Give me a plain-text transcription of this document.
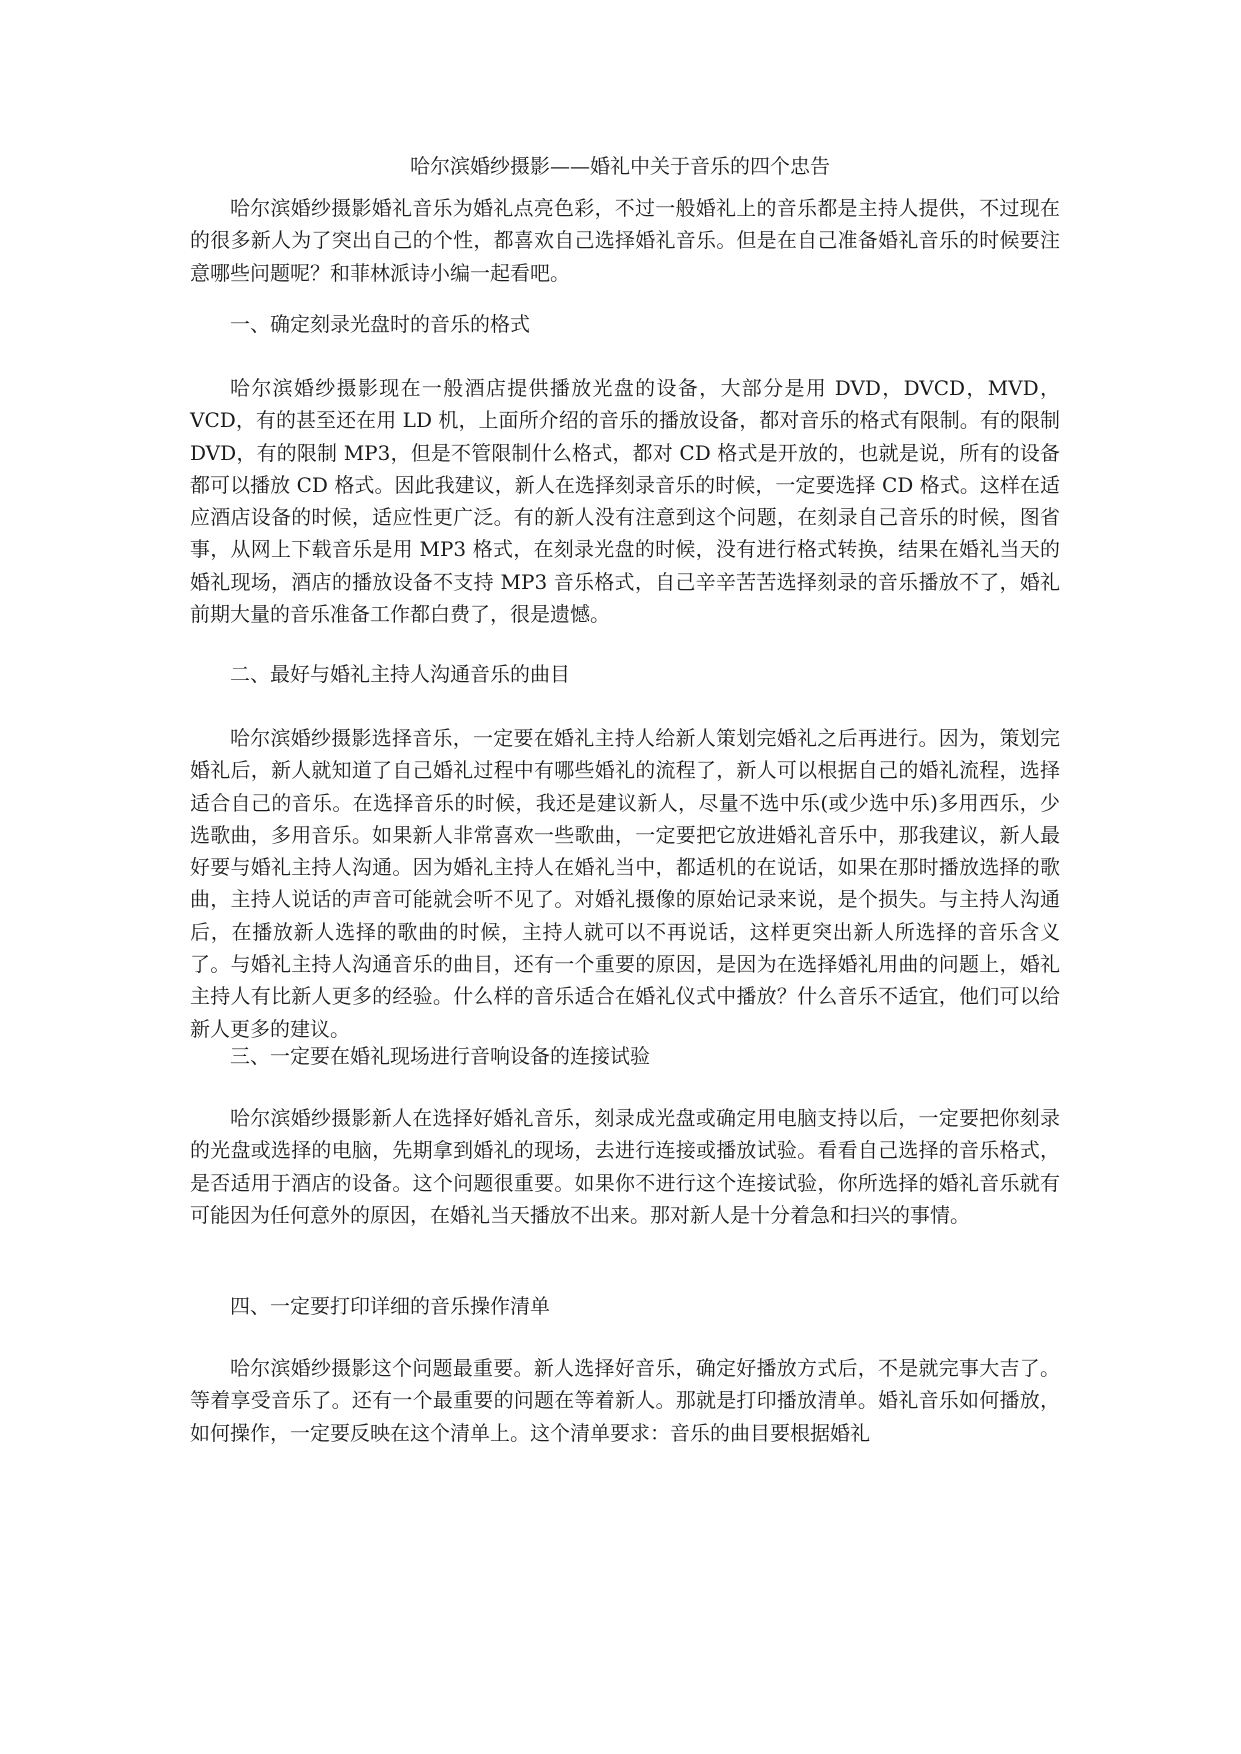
哈尔滨婚纱摄影——婚礼中关于音乐的四个忠告
哈尔滨婚纱摄影婚礼音乐为婚礼点亮色彩，不过一般婚礼上的音乐都是主持人提供，不过现在的很多新人为了突出自己的个性，都喜欢自己选择婚礼音乐。但是在自己准备婚礼音乐的时候要注意哪些问题呢？和菲林派诗小编一起看吧。
一、确定刻录光盘时的音乐的格式
哈尔滨婚纱摄影现在一般酒店提供播放光盘的设备，大部分是用 DVD，DVCD，MVD，VCD，有的甚至还在用 LD 机，上面所介绍的音乐的播放设备，都对音乐的格式有限制。有的限制 DVD，有的限制 MP3，但是不管限制什么格式，都对 CD 格式是开放的，也就是说，所有的设备都可以播放 CD 格式。因此我建议，新人在选择刻录音乐的时候，一定要选择 CD 格式。这样在适应酒店设备的时候，适应性更广泛。有的新人没有注意到这个问题，在刻录自己音乐的时候，图省事，从网上下载音乐是用 MP3 格式，在刻录光盘的时候，没有进行格式转换，结果在婚礼当天的婚礼现场，酒店的播放设备不支持 MP3 音乐格式，自己辛辛苦苦选择刻录的音乐播放不了，婚礼前期大量的音乐准备工作都白费了，很是遗憾。
二、最好与婚礼主持人沟通音乐的曲目
哈尔滨婚纱摄影选择音乐，一定要在婚礼主持人给新人策划完婚礼之后再进行。因为，策划完婚礼后，新人就知道了自己婚礼过程中有哪些婚礼的流程了，新人可以根据自己的婚礼流程，选择适合自己的音乐。在选择音乐的时候，我还是建议新人，尽量不选中乐(或少选中乐)多用西乐，少选歌曲，多用音乐。如果新人非常喜欢一些歌曲，一定要把它放进婚礼音乐中，那我建议，新人最好要与婚礼主持人沟通。因为婚礼主持人在婚礼当中，都适机的在说话，如果在那时播放选择的歌曲，主持人说话的声音可能就会听不见了。对婚礼摄像的原始记录来说，是个损失。与主持人沟通后，在播放新人选择的歌曲的时候，主持人就可以不再说话，这样更突出新人所选择的音乐含义了。与婚礼主持人沟通音乐的曲目，还有一个重要的原因，是因为在选择婚礼用曲的问题上，婚礼主持人有比新人更多的经验。什么样的音乐适合在婚礼仪式中播放？什么音乐不适宜，他们可以给新人更多的建议。
三、一定要在婚礼现场进行音响设备的连接试验
哈尔滨婚纱摄影新人在选择好婚礼音乐，刻录成光盘或确定用电脑支持以后，一定要把你刻录的光盘或选择的电脑，先期拿到婚礼的现场，去进行连接或播放试验。看看自己选择的音乐格式，是否适用于酒店的设备。这个问题很重要。如果你不进行这个连接试验，你所选择的婚礼音乐就有可能因为任何意外的原因，在婚礼当天播放不出来。那对新人是十分着急和扫兴的事情。
四、一定要打印详细的音乐操作清单
哈尔滨婚纱摄影这个问题最重要。新人选择好音乐，确定好播放方式后，不是就完事大吉了。等着享受音乐了。还有一个最重要的问题在等着新人。那就是打印播放清单。婚礼音乐如何播放，如何操作，一定要反映在这个清单上。这个清单要求：音乐的曲目要根据婚礼
